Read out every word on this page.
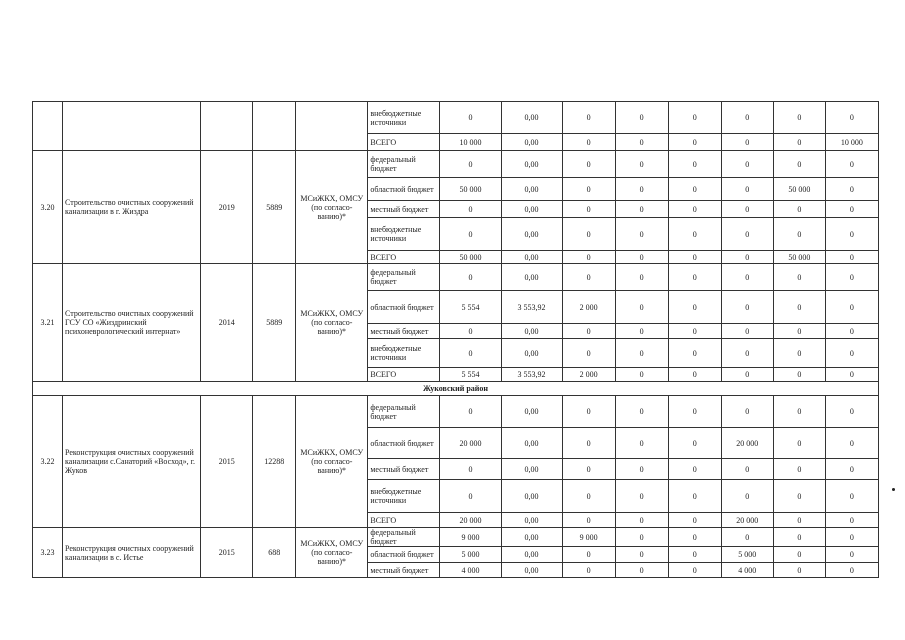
					внебюджетные источники	0	0,00	0	0	0	0	0	0
					ВСЕГО	10 000	0,00	0	0	0	0	0	10 000
3.20	Строительство очистных сооружений канализации в г. Жиздра	2019	5889	МСиЖКХ, ОМСУ (по согласо-ванию)*	федеральный бюджет	0	0,00	0	0	0	0	0	0
					областной бюджет	50 000	0,00	0	0	0	0	50 000	0
					местный бюджет	0	0,00	0	0	0	0	0	0
					внебюджетные источники	0	0,00	0	0	0	0	0	0
					ВСЕГО	50 000	0,00	0	0	0	0	50 000	0
3.21	Строительство очистных сооружений ГСУ СО «Жиздринский психоневрологический интернат»	2014	5889	МСиЖКХ, ОМСУ (по согласо-ванию)*	федеральный бюджет	0	0,00	0	0	0	0	0	0
					областной бюджет	5 554	3 553,92	2 000	0	0	0	0	0
					местный бюджет	0	0,00	0	0	0	0	0	0
					внебюджетные источники	0	0,00	0	0	0	0	0	0
					ВСЕГО	5 554	3 553,92	2 000	0	0	0	0	0
Жуковский район													
3.22	Реконструкция очистных сооружений канализации с.Санаторий «Восход», г. Жуков	2015	12288	МСиЖКХ, ОМСУ (по согласо-ванию)*	федеральный бюджет	0	0,00	0	0	0	0	0	0
					областной бюджет	20 000	0,00	0	0	0	20 000	0	0
					местный бюджет	0	0,00	0	0	0	0	0	0
					внебюджетные источники	0	0,00	0	0	0	0	0	0
					ВСЕГО	20 000	0,00	0	0	0	20 000	0	0
3.23	Реконструкция очистных сооружений канализации в с. Истье	2015	688	МСиЖКХ, ОМСУ (по согласо-ванию)*	федеральный бюджет	9 000	0,00	9 000	0	0	0	0	0
					областной бюджет	5 000	0,00	0	0	0	5 000	0	0
					местный бюджет	4 000	0,00	0	0	0	4 000	0	0
